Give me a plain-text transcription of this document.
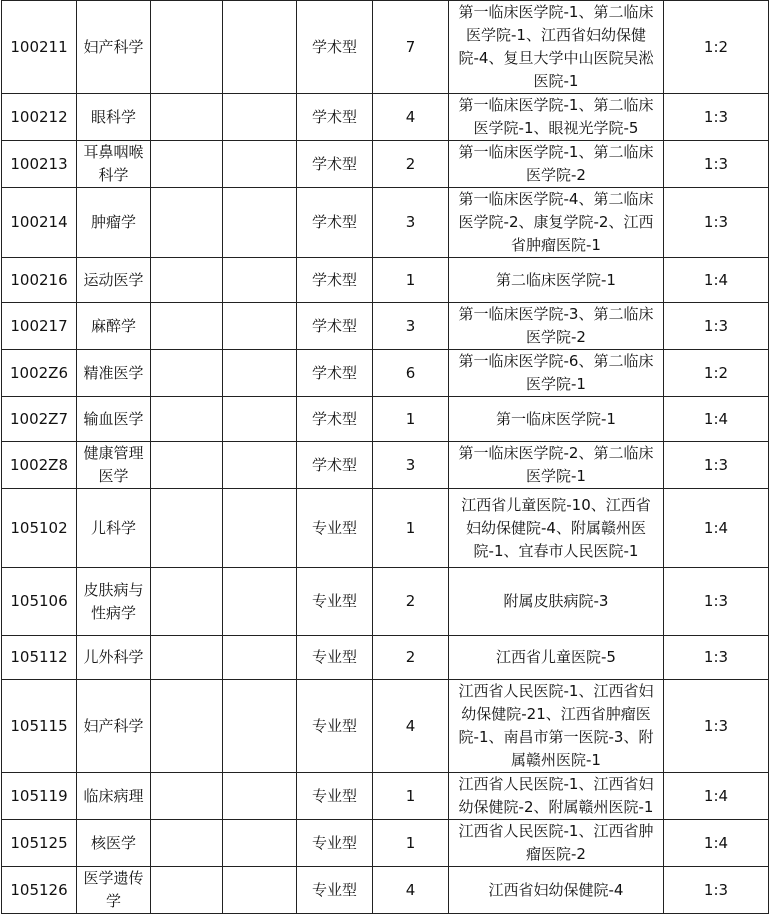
100211	妇产科学			学术型	7	第一临床医学院-1、第二临床医学院-1、江西省妇幼保健院-4、复旦大学中山医院吴淞医院-1	1:2
100212	眼科学			学术型	4	第一临床医学院-1、第二临床医学院-1、眼视光学院-5	1:3
100213	耳鼻咽喉科学			学术型	2	第一临床医学院-1、第二临床医学院-2	1:3
100214	肿瘤学			学术型	3	第一临床医学院-4、第二临床医学院-2、康复学院-2、江西省肿瘤医院-1	1:3
100216	运动医学			学术型	1	第二临床医学院-1	1:4
100217	麻醉学			学术型	3	第一临床医学院-3、第二临床医学院-2	1:3
1002Z6	精准医学			学术型	6	第一临床医学院-6、第二临床医学院-1	1:2
1002Z7	输血医学			学术型	1	第一临床医学院-1	1:4
1002Z8	健康管理医学			学术型	3	第一临床医学院-2、第二临床医学院-1	1:3
105102	儿科学			专业型	1	江西省儿童医院-10、江西省妇幼保健院-4、附属赣州医院-1、宜春市人民医院-1	1:4
105106	皮肤病与性病学			专业型	2	附属皮肤病院-3	1:3
105112	儿外科学			专业型	2	江西省儿童医院-5	1:3
105115	妇产科学			专业型	4	江西省人民医院-1、江西省妇幼保健院-21、江西省肿瘤医院-1、南昌市第一医院-3、附属赣州医院-1	1:3
105119	临床病理			专业型	1	江西省人民医院-1、江西省妇幼保健院-2、附属赣州医院-1	1:4
105125	核医学			专业型	1	江西省人民医院-1、江西省肿瘤医院-2	1:4
105126	医学遗传学			专业型	4	江西省妇幼保健院-4	1:3
